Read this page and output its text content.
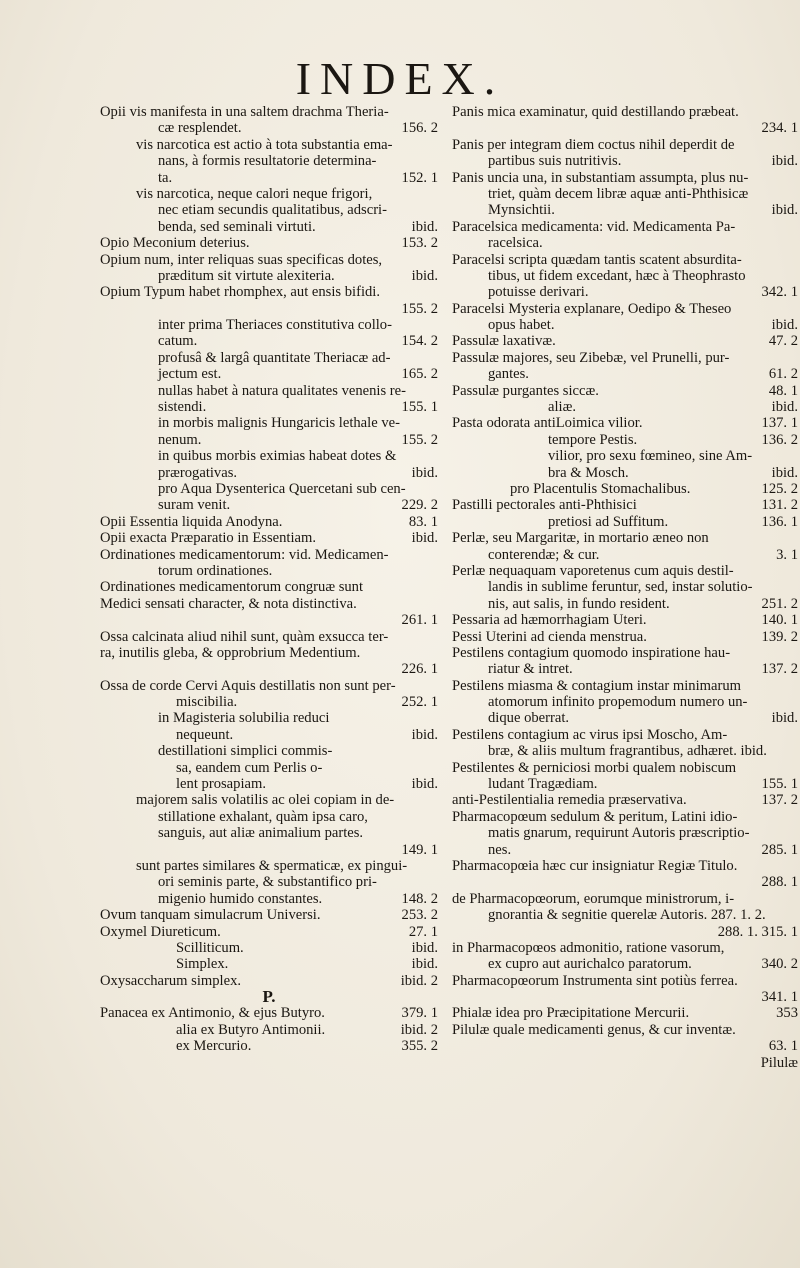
INDEX.
Opii vis manifesta in una saltem drachma Theria-
cæ resplendet.	156. 2
vis narcotica est actio à tota substantia ema-
nans, à formis resultatorie determina-
ta.	152. 1
vis narcotica, neque calori neque frigori,
nec etiam secundis qualitatibus, adscri-
benda, sed seminali virtuti.	ibid.
Opio Meconium deterius.	153. 2
Opium num, inter reliquas suas specificas dotes,
præditum sit virtute alexiteria.	ibid.
Opium Typum habet rhomphex, aut ensis bifidi.
155. 2
inter prima Theriaces constitutiva collo-
catum.	154. 2
profusâ & largâ quantitate Theriacæ ad-
jectum est.	165. 2
nullas habet à natura qualitates venenis re-
sistendi.	155. 1
in morbis malignis Hungaricis lethale ve-
nenum.	155. 2
in quibus morbis eximias habeat dotes &
prærogativas.	ibid.
pro Aqua Dysenterica Quercetani sub cen-
suram venit.	229. 2
Opii Essentia liquida Anodyna.	83. 1
Opii exacta Præparatio in Essentiam.	ibid.
Ordinationes medicamentorum: vid. Medicamen-
torum ordinationes.
Ordinationes medicamentorum congruæ sunt
Medici sensati character, & nota distinctiva.
261. 1
Ossa calcinata aliud nihil sunt, quàm exsucca ter-
ra, inutilis gleba, & opprobrium Medentium.
226. 1
Ossa de corde Cervi Aquis destillatis non sunt per-
miscibilia.	252. 1
in Magisteria solubilia reduci
nequeunt.	ibid.
destillationi simplici commis-
sa, eandem cum Perlis o-
lent prosapiam.	ibid.
majorem salis volatilis ac olei copiam in de-
stillatione exhalant, quàm ipsa caro,
sanguis, aut aliæ animalium partes.
149. 1
sunt partes similares & spermaticæ, ex pingui-
ori seminis parte, & substantifico pri-
migenio humido constantes.	148. 2
Ovum tanquam simulacrum Universi.	253. 2
Oxymel Diureticum.	27. 1
Scilliticum.	ibid.
Simplex.	ibid.
Oxysaccharum simplex.	ibid. 2
P.
Panacea ex Antimonio, & ejus Butyro.	379. 1
alia ex Butyro Antimonii.	ibid. 2
ex Mercurio.	355. 2
Panis mica examinatur, quid destillando præbeat.
234. 1
Panis per integram diem coctus nihil deperdit de
partibus suis nutritivis.	ibid.
Panis uncia una, in substantiam assumpta, plus nu-
triet, quàm decem libræ aquæ anti-Phthisicæ
Mynsichtii.	ibid.
Paracelsica medicamenta: vid. Medicamenta Pa-
racelsica.
Paracelsi scripta quædam tantis scatent absurdita-
tibus, ut fidem excedant, hæc à Theophrasto
potuisse derivari.	342. 1
Paracelsi Mysteria explanare, Oedipo & Theseo
opus habet.	ibid.
Passulæ laxativæ.	47. 2
Passulæ majores, seu Zibebæ, vel Prunelli, pur-
gantes.	61. 2
Passulæ purgantes siccæ.	48. 1
aliæ.	ibid.
Pasta odorata antiLoimica vilior.	137. 1
tempore Pestis.	136. 2
vilior, pro sexu fœmineo, sine Am-
bra & Mosch.	ibid.
pro Placentulis Stomachalibus.	125. 2
Pastilli pectorales anti-Phthisici	131. 2
pretiosi ad Suffitum.	136. 1
Perlæ, seu Margaritæ, in mortario æneo non
conterendæ; & cur.	3. 1
Perlæ nequaquam vaporetenus cum aquis destil-
landis in sublime feruntur, sed, instar solutio-
nis, aut salis, in fundo resident.	251. 2
Pessaria ad hæmorrhagiam Uteri.	140. 1
Pessi Uterini ad cienda menstrua.	139. 2
Pestilens contagium quomodo inspiratione hau-
riatur & intret.	137. 2
Pestilens miasma & contagium instar minimarum
atomorum infinito propemodum numero un-
dique oberrat.	ibid.
Pestilens contagium ac virus ipsi Moscho, Am-
bræ, & aliis multum fragrantibus, adhæret. ibid.
Pestilentes & perniciosi morbi qualem nobiscum
ludant Tragædiam.	155. 1
anti-Pestilentialia remedia præservativa.	137. 2
Pharmacopœum sedulum & peritum, Latini idio-
matis gnarum, requirunt Autoris præscriptio-
nes.	285. 1
Pharmacopœia hæc cur insigniatur Regiæ Titulo.
288. 1
de Pharmacopœorum, eorumque ministrorum, i-
gnorantia & segnitie querelæ Autoris. 287. 1. 2.
288. 1. 315. 1
in Pharmacopœos admonitio, ratione vasorum,
ex cupro aut aurichalco paratorum.	340. 2
Pharmacopœorum Instrumenta sint potiùs ferrea.
341. 1
Phialæ idea pro Præcipitatione Mercurii.	353
Pilulæ quale medicamenti genus, & cur inventæ.
63. 1
Pilulæ
